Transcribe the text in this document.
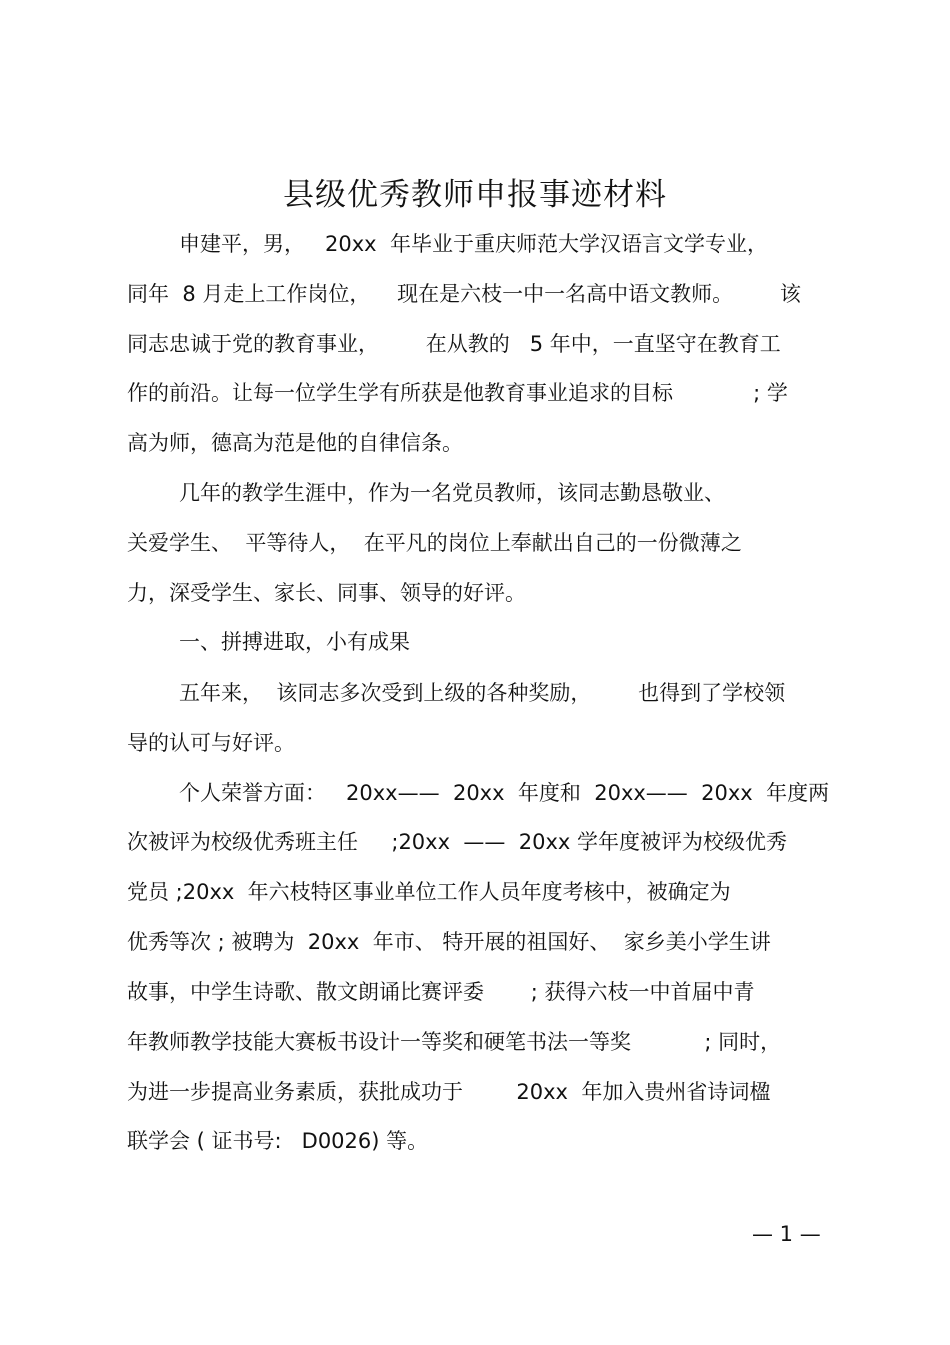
县级优秀教师申报事迹材料

申建平，男，   20xx  年毕业于重庆师范大学汉语言文学专业，

同年  8 月走上工作岗位，    现在是六枝一中一名高中语文教师。       该

同志忠诚于党的教育事业，       在从教的   5 年中，一直坚守在教育工

作的前沿。让每一位学生学有所获是他教育事业追求的目标            ; 学

高为师，德高为范是他的自律信条。

几年的教学生涯中，作为一名党员教师，该同志勤恳敬业、

关爱学生、  平等待人，  在平凡的岗位上奉献出自己的一份微薄之

力，深受学生、家长、同事、领导的好评。

一、拼搏进取，小有成果

五年来，  该同志多次受到上级的各种奖励，       也得到了学校领

导的认可与好评。

个人荣誉方面：   20xx——  20xx  年度和  20xx——  20xx  年度两

次被评为校级优秀班主任     ;20xx  ——  20xx 学年度被评为校级优秀

党员 ;20xx  年六枝特区事业单位工作人员年度考核中，被确定为

优秀等次 ; 被聘为  20xx  年市、 特开展的祖国好、  家乡美小学生讲

故事，中学生诗歌、散文朗诵比赛评委       ; 获得六枝一中首届中青

年教师教学技能大赛板书设计一等奖和硬笔书法一等奖           ; 同时，

为进一步提高业务素质，获批成功于        20xx  年加入贵州省诗词楹

联学会 ( 证书号:   D0026) 等。

— 1 —
